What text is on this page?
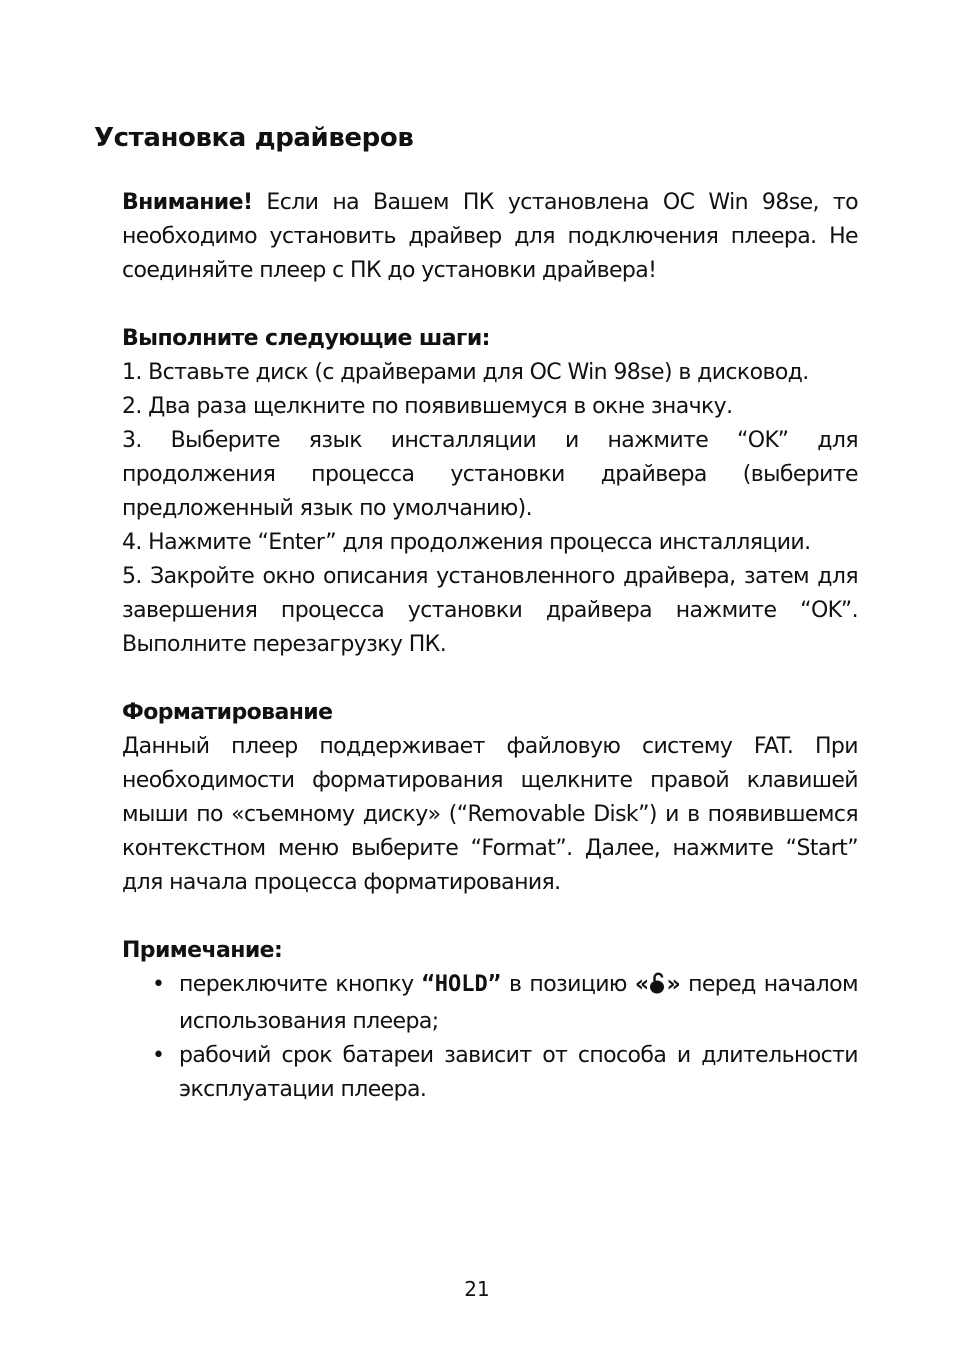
Установка драйверов

Внимание! Если на Вашем ПК установлена ОС Win 98se, то необходимо установить драйвер для подключения плеера. Не соединяйте плеер с ПК до установки драйвера!

Выполните следующие шаги:

1. Вставьте диск (с драйверами для ОС Win 98se) в дисковод.

2. Два раза щелкните по появившемуся в окне значку.

3. Выберите язык инсталляции и нажмите “OK” для продолжения процесса установки драйвера (выберите предложенный язык по умолчанию).

4. Нажмите “Enter” для продолжения процесса инсталляции.

5. Закройте окно описания установленного драйвера, затем для завершения процесса установки драйвера нажмите “OK”. Выполните перезагрузку ПК.

Форматирование

Данный плеер поддерживает файловую систему FAT. При необходимости форматирования щелкните правой клавишей мыши по «съемному диску» (“Removable Disk”) и в появившемся контекстном меню выберите “Format”. Далее, нажмите “Start” для начала процесса форматирования.

Примечание:

• переключите кнопку “HOLD” в позицию « » перед началом использования плеера;
• рабочий срок батареи зависит от способа и длительности эксплуатации плеера.
21
